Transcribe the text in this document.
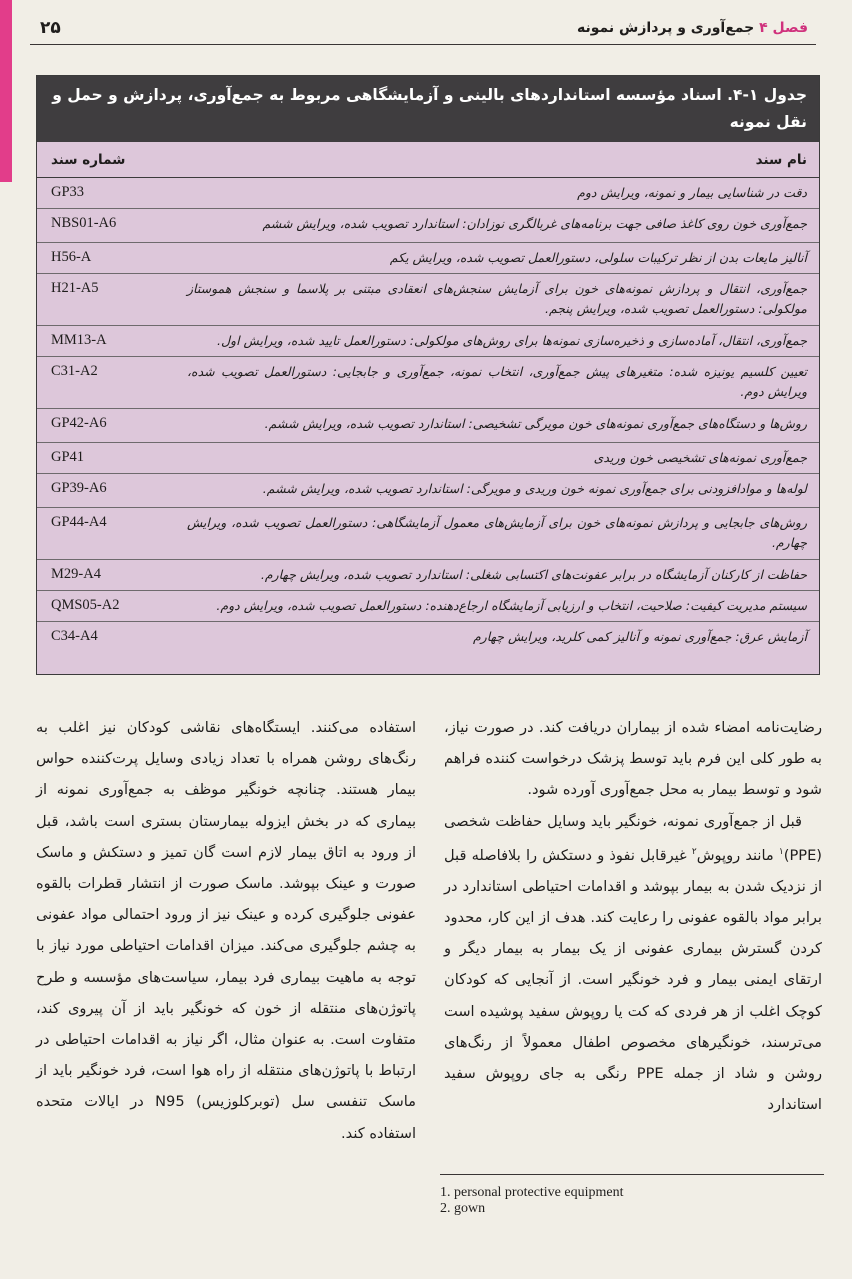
فصل ۴ جمع‌آوری و پردازش نمونه
۲۵
جدول ۱-۴. اسناد مؤسسه استانداردهای بالینی و آزمایشگاهی مربوط به جمع‌آوری، پردازش و حمل و نقل نمونه
نام سند
شماره سند
دقت در شناسایی بیمار و نمونه، ویرایش دوم
GP33
جمع‌آوری خون روی کاغذ صافی جهت برنامه‌های غربالگری نوزادان: استاندارد تصویب شده، ویرایش ششم
NBS01-A6
آنالیز مایعات بدن از نظر ترکیبات سلولی، دستورالعمل تصویب شده، ویرایش یکم
H56-A
جمع‌آوری، انتقال و پردازش نمونه‌های خون برای آزمایش سنجش‌های انعقادی مبتنی بر پلاسما و سنجش هموستاز مولکولی: دستورالعمل تصویب شده، ویرایش پنجم.
H21-A5
جمع‌آوری، انتقال، آماده‌سازی و ذخیره‌سازی نمونه‌ها برای روش‌های مولکولی: دستورالعمل تایید شده، ویرایش اول.
MM13-A
تعیین کلسیم یونیزه شده: متغیرهای پیش جمع‌آوری، انتخاب نمونه، جمع‌آوری و جابجایی: دستورالعمل تصویب شده، ویرایش دوم.
C31-A2
روش‌ها و دستگاه‌های جمع‌آوری نمونه‌های خون مویرگی تشخیصی: استاندارد تصویب شده، ویرایش ششم.
GP42-A6
جمع‌آوری نمونه‌های تشخیصی خون وریدی
GP41
لوله‌ها و موادافزودنی برای جمع‌آوری نمونه خون وریدی و مویرگی: استاندارد تصویب شده، ویرایش ششم.
GP39-A6
روش‌های جابجایی و پردازش نمونه‌های خون برای آزمایش‌های معمول آزمایشگاهی: دستورالعمل تصویب شده، ویرایش چهارم.
GP44-A4
حفاظت از کارکنان آزمایشگاه در برابر عفونت‌های اکتسابی شغلی: استاندارد تصویب شده، ویرایش چهارم.
M29-A4
سیستم مدیریت کیفیت: صلاحیت، انتخاب و ارزیابی آزمایشگاه ارجاع‌دهنده: دستورالعمل تصویب شده، ویرایش دوم.
QMS05-A2
آزمایش عرق: جمع‌آوری نمونه و آنالیز کمی کلرید، ویرایش چهارم
C34-A4

رضایت‌نامه امضاء شده از بیماران دریافت کند. در صورت نیاز، به طور کلی این فرم باید توسط پزشک درخواست کننده فراهم شود و توسط بیمار به محل جمع‌آوری آورده شود.

قبل از جمع‌آوری نمونه، خونگیر باید وسایل حفاظت شخصی (PPE)$^۱$ مانند روپوش$^۲$ غیرقابل نفوذ و دستکش را بلافاصله قبل از نزدیک شدن به بیمار بپوشد و اقدامات احتیاطی استاندارد در برابر مواد بالقوه عفونی را رعایت کند. هدف از این کار، محدود کردن گسترش بیماری عفونی از یک بیمار به بیمار دیگر و ارتقای ایمنی بیمار و فرد خونگیر است. از آنجایی که کودکان کوچک اغلب از هر فردی که کت یا روپوش سفید پوشیده است می‌ترسند، خونگیرهای مخصوص اطفال معمولاً از رنگ‌های روشن و شاد از جمله PPE رنگی به جای روپوش سفید استاندارد

استفاده می‌کنند. ایستگاه‌های نقاشی کودکان نیز اغلب به رنگ‌های روشن همراه با تعداد زیادی وسایل پرت‌کننده حواس بیمار هستند. چنانچه خونگیر موظف به جمع‌آوری نمونه از بیماری که در بخش ایزوله بیمارستان بستری است باشد، قبل از ورود به اتاق بیمار لازم است گان تمیز و دستکش و ماسک صورت و عینک بپوشد. ماسک صورت از انتشار قطرات بالقوه عفونی جلوگیری کرده و عینک نیز از ورود احتمالی مواد عفونی به چشم جلوگیری می‌کند. میزان اقدامات احتیاطی مورد نیاز با توجه به ماهیت بیماری فرد بیمار، سیاست‌های مؤسسه و طرح پاتوژن‌های منتقله از خون که خونگیر باید از آن پیروی کند، متفاوت است. به عنوان مثال، اگر نیاز به اقدامات احتیاطی در ارتباط با پاتوژن‌های منتقله از راه هوا است، فرد خونگیر باید از ماسک تنفسی سل (توبرکلوزیس) N95 در ایالات متحده استفاده کند.

1. personal protective equipment
2. gown
